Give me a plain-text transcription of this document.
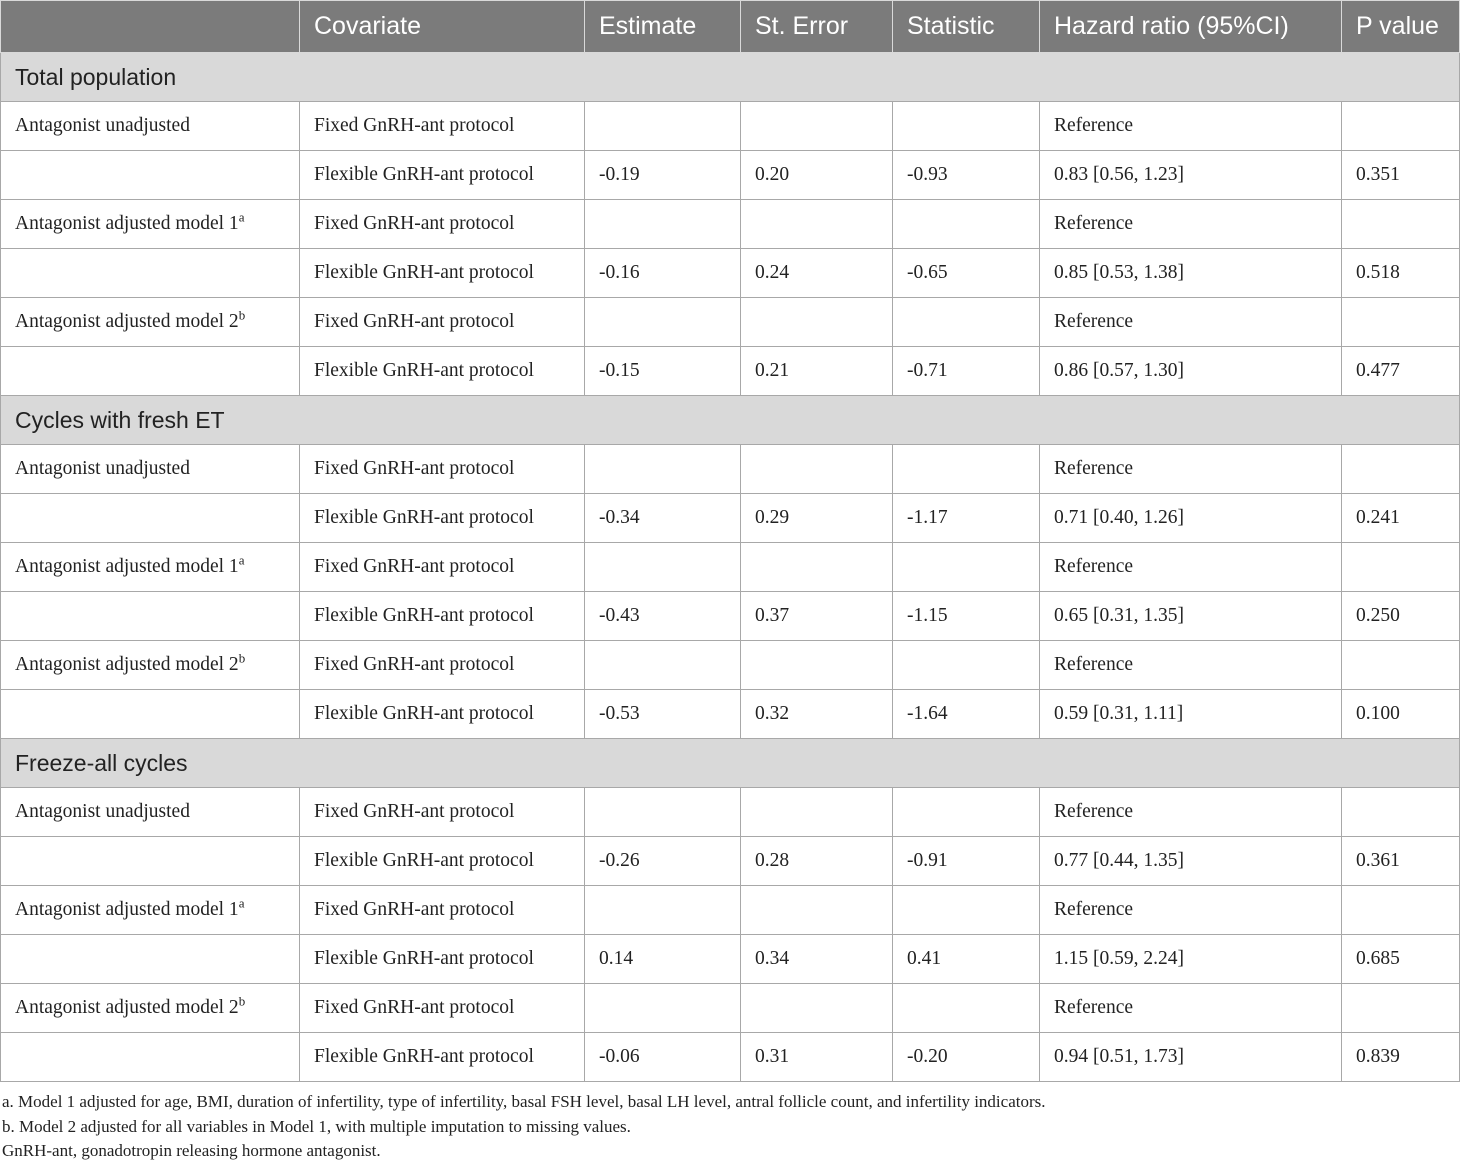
	Covariate	Estimate	St. Error	Statistic	Hazard ratio (95%CI)	P value
Total population						
Antagonist unadjusted	Fixed GnRH-ant protocol				Reference	
	Flexible GnRH-ant protocol	-0.19	0.20	-0.93	0.83 [0.56, 1.23]	0.351
Antagonist adjusted model 1$^a$	Fixed GnRH-ant protocol				Reference	
	Flexible GnRH-ant protocol	-0.16	0.24	-0.65	0.85 [0.53, 1.38]	0.518
Antagonist adjusted model 2$^b$	Fixed GnRH-ant protocol				Reference	
	Flexible GnRH-ant protocol	-0.15	0.21	-0.71	0.86 [0.57, 1.30]	0.477
Cycles with fresh ET						
Antagonist unadjusted	Fixed GnRH-ant protocol				Reference	
	Flexible GnRH-ant protocol	-0.34	0.29	-1.17	0.71 [0.40, 1.26]	0.241
Antagonist adjusted model 1$^a$	Fixed GnRH-ant protocol				Reference	
	Flexible GnRH-ant protocol	-0.43	0.37	-1.15	0.65 [0.31, 1.35]	0.250
Antagonist adjusted model 2$^b$	Fixed GnRH-ant protocol				Reference	
	Flexible GnRH-ant protocol	-0.53	0.32	-1.64	0.59 [0.31, 1.11]	0.100
Freeze-all cycles						
Antagonist unadjusted	Fixed GnRH-ant protocol				Reference	
	Flexible GnRH-ant protocol	-0.26	0.28	-0.91	0.77 [0.44, 1.35]	0.361
Antagonist adjusted model 1$^a$	Fixed GnRH-ant protocol				Reference	
	Flexible GnRH-ant protocol	0.14	0.34	0.41	1.15 [0.59, 2.24]	0.685
Antagonist adjusted model 2$^b$	Fixed GnRH-ant protocol				Reference	
	Flexible GnRH-ant protocol	-0.06	0.31	-0.20	0.94 [0.51, 1.73]	0.839

a. Model 1 adjusted for age, BMI, duration of infertility, type of infertility, basal FSH level, basal LH level, antral follicle count, and infertility indicators.

b. Model 2 adjusted for all variables in Model 1, with multiple imputation to missing values.

GnRH-ant, gonadotropin releasing hormone antagonist.
